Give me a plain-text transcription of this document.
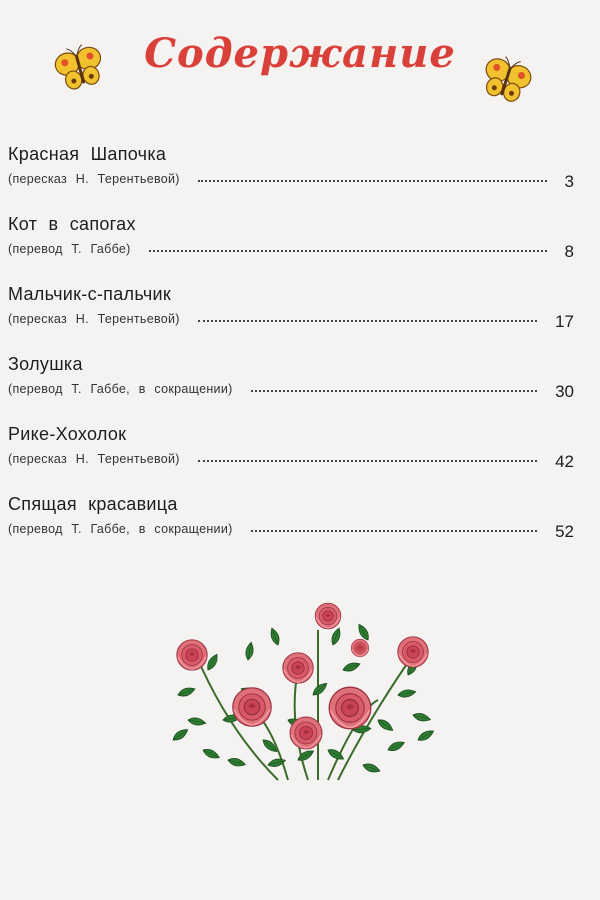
Содержание
Красная Шапочка
(пересказ Н. Терентьевой)	3
Кот в сапогах
(перевод Т. Габбе)	8
Мальчик-с-пальчик
(пересказ Н. Терентьевой)	17
Золушка
(перевод Т. Габбе, в сокращении)	30
Рике-Хохолок
(пересказ Н. Терентьевой)	42
Спящая красавица
(перевод Т. Габбе, в сокращении)	52
